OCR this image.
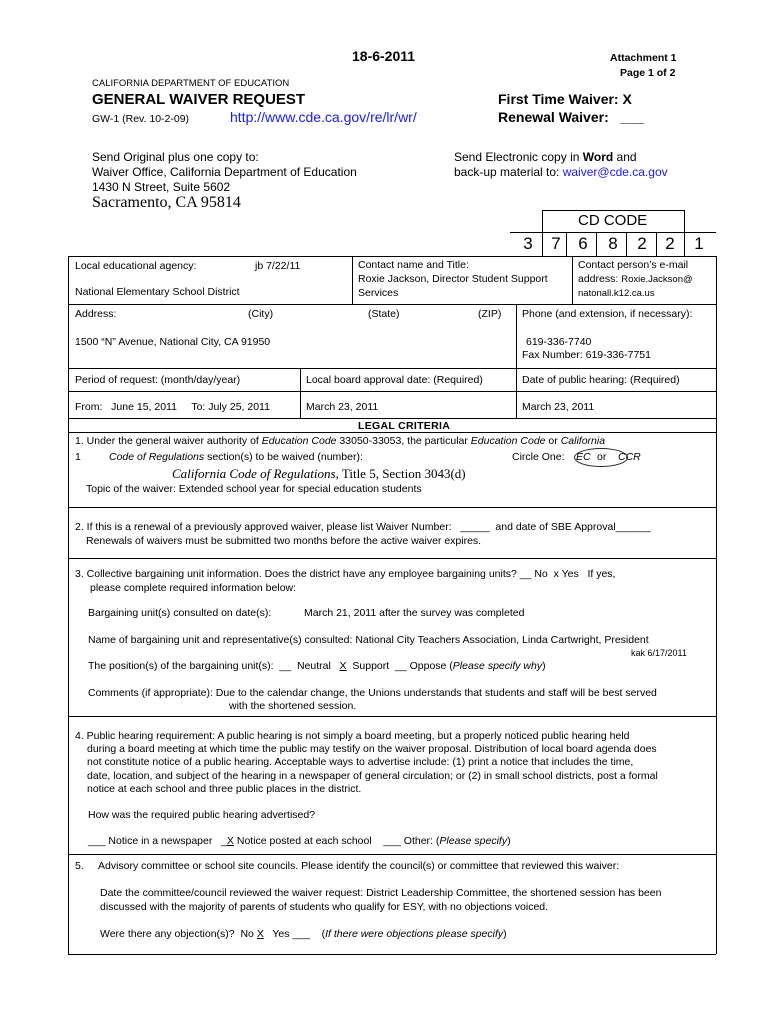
18-6-2011	Attachment 1
Page 1 of 2
CALIFORNIA DEPARTMENT OF EDUCATION
GENERAL WAIVER REQUEST
GW-1 (Rev. 10-2-09)	http://www.cde.ca.gov/re/lr/wr/
First Time Waiver: X
Renewal Waiver: ___
Send Original plus one copy to:
Waiver Office, California Department of Education
1430 N Street, Suite 5602
Sacramento, CA 95814
Send Electronic copy in Word and
back-up material to: waiver@cde.ca.gov
CD CODE
3	7	6	8	2	2	1
Local educational agency:	jb 7/22/11
National Elementary School District
Contact name and Title:
Roxie Jackson, Director Student Support
Services
Contact person’s e-mail
address: Roxie.Jackson@
natonall.k12.ca.us
Address:	(City)	(State)	(ZIP) Phone (and extension, if necessary):
1500 “N” Avenue, National City, CA 91950	619-336-7740
Fax Number: 619-336-7751
Period of request: (month/day/year)	Local board approval date: (Required)	Date of public hearing: (Required)
From:   June 15, 2011     To: July 25, 2011	March 23, 2011	March 23, 2011
LEGAL CRITERIA
1. Under the general waiver authority of Education Code 33050-33053, the particular Education Code or California
1	Code of Regulations section(s) to be waived (number):	Circle One: EC or CCR
California Code of Regulations, Title 5, Section 3043(d)
Topic of the waiver: Extended school year for special education students
2. If this is a renewal of a previously approved waiver, please list Waiver Number:   _____  and date of SBE Approval______
Renewals of waivers must be submitted two months before the active waiver expires.
3. Collective bargaining unit information. Does the district have any employee bargaining units? __ No  x Yes   If yes,
please complete required information below:
Bargaining unit(s) consulted on date(s):	March 21, 2011 after the survey was completed
Name of bargaining unit and representative(s) consulted: National City Teachers Association, Linda Cartwright, President
kak 6/17/2011
The position(s) of the bargaining unit(s):  __  Neutral   X  Support  __ Oppose (Please specify why)
Comments (if appropriate): Due to the calendar change, the Unions understands that students and staff will be best served
with the shortened session.
4. Public hearing requirement: A public hearing is not simply a board meeting, but a properly noticed public hearing held
during a board meeting at which time the public may testify on the waiver proposal. Distribution of local board agenda does
not constitute notice of a public hearing. Acceptable ways to advertise include: (1) print a notice that includes the time,
date, location, and subject of the hearing in a newspaper of general circulation; or (2) in small school districts, post a formal
notice at each school and three public places in the district.
How was the required public hearing advertised?
___ Notice in a newspaper   _X Notice posted at each school    ___ Other: (Please specify)
5. Advisory committee or school site councils. Please identify the council(s) or committee that reviewed this waiver:
Date the committee/council reviewed the waiver request: District Leadership Committee, the shortened session has been
discussed with the majority of parents of students who qualify for ESY, with no objections voiced.
Were there any objection(s)?  No X   Yes ___    (If there were objections please specify)
